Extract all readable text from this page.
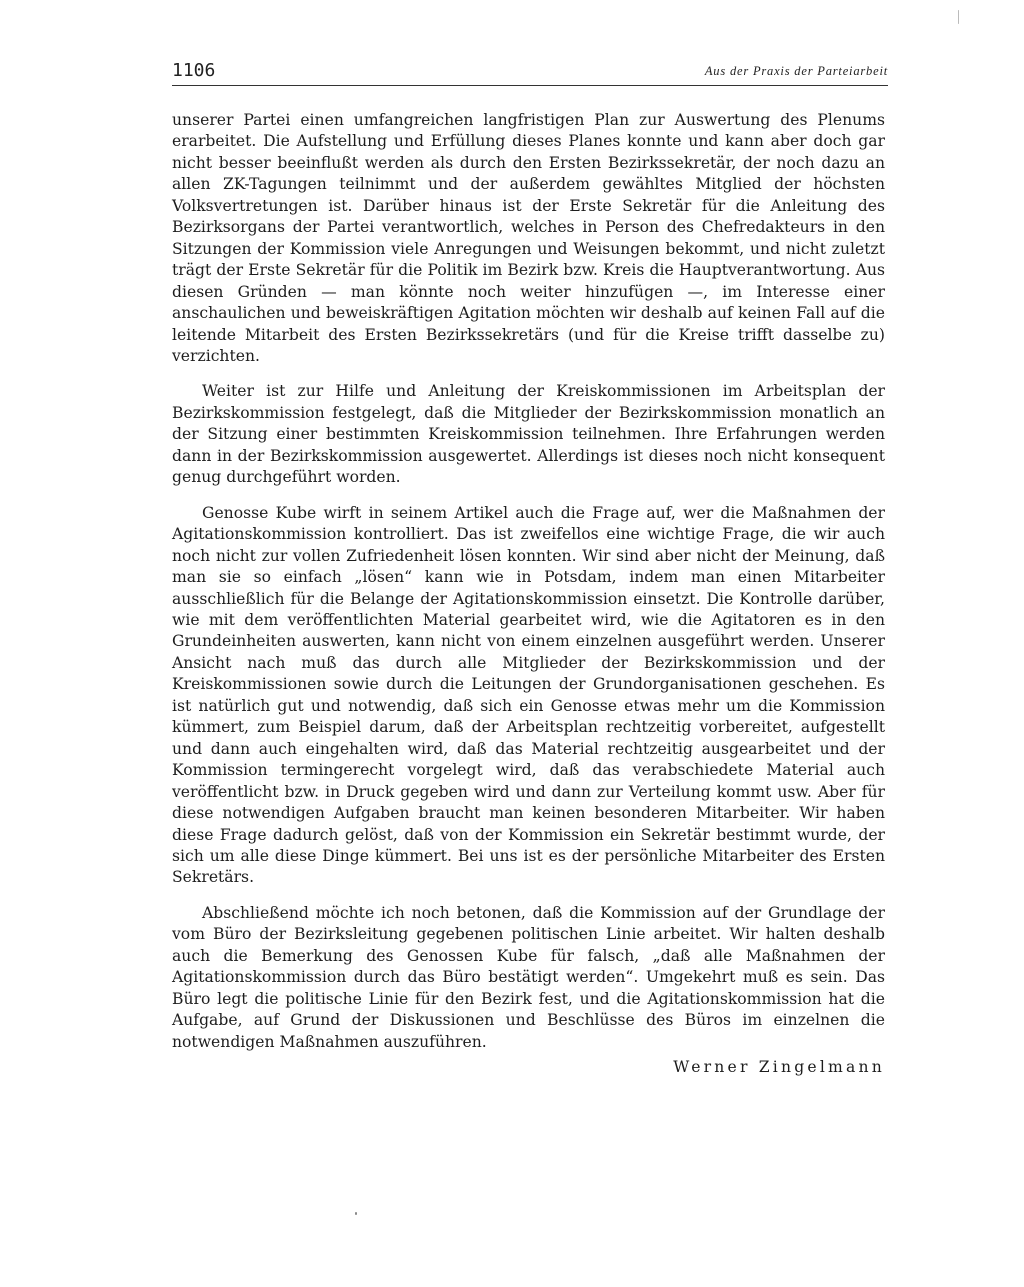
1106	Aus der Praxis der Parteiarbeit

unserer Partei einen umfangreichen langfristigen Plan zur Auswertung des Plenums erarbeitet. Die Aufstellung und Erfüllung dieses Planes konnte und kann aber doch gar nicht besser beeinflußt werden als durch den Ersten Bezirkssekretär, der noch dazu an allen ZK-Tagungen teilnimmt und der außerdem gewähltes Mitglied der höchsten Volksvertretungen ist. Darüber hinaus ist der Erste Sekretär für die Anleitung des Bezirksorgans der Partei verantwortlich, welches in Person des Chefredakteurs in den Sitzungen der Kommission viele Anregungen und Weisungen bekommt, und nicht zuletzt trägt der Erste Sekretär für die Politik im Bezirk bzw. Kreis die Hauptverantwortung. Aus diesen Gründen — man könnte noch weiter hinzufügen —, im Interesse einer anschaulichen und beweiskräftigen Agitation möchten wir deshalb auf keinen Fall auf die leitende Mitarbeit des Ersten Bezirkssekretärs (und für die Kreise trifft dasselbe zu) verzichten.

Weiter ist zur Hilfe und Anleitung der Kreiskommissionen im Arbeitsplan der Bezirkskommission festgelegt, daß die Mitglieder der Bezirkskommission monatlich an der Sitzung einer bestimmten Kreiskommission teilnehmen. Ihre Erfahrungen werden dann in der Bezirkskommission ausgewertet. Allerdings ist dieses noch nicht konsequent genug durchgeführt worden.

Genosse Kube wirft in seinem Artikel auch die Frage auf, wer die Maßnahmen der Agitationskommission kontrolliert. Das ist zweifellos eine wichtige Frage, die wir auch noch nicht zur vollen Zufriedenheit lösen konnten. Wir sind aber nicht der Meinung, daß man sie so einfach „lösen“ kann wie in Potsdam, indem man einen Mitarbeiter ausschließlich für die Belange der Agitationskommission einsetzt. Die Kontrolle darüber, wie mit dem veröffentlichten Material gearbeitet wird, wie die Agitatoren es in den Grundeinheiten auswerten, kann nicht von einem einzelnen ausgeführt werden. Unserer Ansicht nach muß das durch alle Mitglieder der Bezirkskommission und der Kreiskommissionen sowie durch die Leitungen der Grundorganisationen geschehen. Es ist natürlich gut und notwendig, daß sich ein Genosse etwas mehr um die Kommission kümmert, zum Beispiel darum, daß der Arbeitsplan rechtzeitig vorbereitet, aufgestellt und dann auch eingehalten wird, daß das Material rechtzeitig ausgearbeitet und der Kommission termingerecht vorgelegt wird, daß das verabschiedete Material auch veröffentlicht bzw. in Druck gegeben wird und dann zur Verteilung kommt usw. Aber für diese notwendigen Aufgaben braucht man keinen besonderen Mitarbeiter. Wir haben diese Frage dadurch gelöst, daß von der Kommission ein Sekretär bestimmt wurde, der sich um alle diese Dinge kümmert. Bei uns ist es der persönliche Mitarbeiter des Ersten Sekretärs.

Abschließend möchte ich noch betonen, daß die Kommission auf der Grundlage der vom Büro der Bezirksleitung gegebenen politischen Linie arbeitet. Wir halten deshalb auch die Bemerkung des Genossen Kube für falsch, „daß alle Maßnahmen der Agitationskommission durch das Büro bestätigt werden“. Umgekehrt muß es sein. Das Büro legt die politische Linie für den Bezirk fest, und die Agitationskommission hat die Aufgabe, auf Grund der Diskussionen und Beschlüsse des Büros im einzelnen die notwendigen Maßnahmen auszuführen.

Werner Zingelmann
